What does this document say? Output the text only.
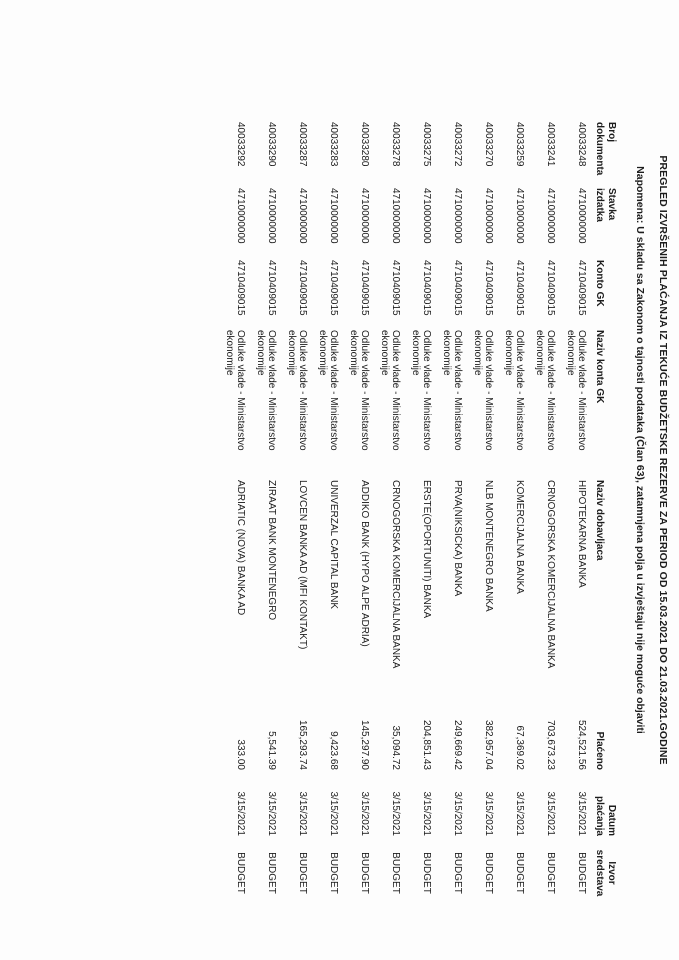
PREGLED IZVRŠENIH PLAĆANJA IZ TEKUĆE BUDŽETSKE REZERVE ZA PERIOD OD 15.03.2021 DO 21.03.2021.GODINE
Napomena: U skladu sa Zakonom o tajnosti podataka (Član 63), zatamnjena polja u izvještaju nije moguće objaviti
Broj dokumenta	Stavka izdatka	Konto GK	Naziv konta GK	Naziv dobavljaca	Plaćeno	Datum plaćanja	Izvor sredstava
40033248	4710000000	4710409015	Odluke vlade - Ministarstvo ekonomije	HIPOTEKARNA BANKA	524,521.56	3/15/2021	BUDGET
40033241	4710000000	4710409015	Odluke vlade - Ministarstvo ekonomije	CRNOGORSKA KOMERCIJALNA BANKA	703,673.23	3/15/2021	BUDGET
40033259	4710000000	4710409015	Odluke vlade - Ministarstvo ekonomije	KOMERCIJALNA BANKA	67,369.02	3/15/2021	BUDGET
40033270	4710000000	4710409015	Odluke vlade - Ministarstvo ekonomije	NLB MONTENEGRO BANKA	382,957.04	3/15/2021	BUDGET
40033272	4710000000	4710409015	Odluke vlade - Ministarstvo ekonomije	PRVA(NIKSICKA) BANKA	249,669.42	3/15/2021	BUDGET
40033275	4710000000	4710409015	Odluke vlade - Ministarstvo ekonomije	ERSTE(OPORTUNITI) BANKA	204,851.43	3/15/2021	BUDGET
40033278	4710000000	4710409015	Odluke vlade - Ministarstvo ekonomije	CRNOGORSKA KOMERCIJALNA BANKA	35,094.72	3/15/2021	BUDGET
40033280	4710000000	4710409015	Odluke vlade - Ministarstvo ekonomije	ADDIKO BANK (HYPO ALPE ADRIA)	145,297.90	3/15/2021	BUDGET
40033283	4710000000	4710409015	Odluke vlade - Ministarstvo ekonomije	UNIVERZAL CAPITAL BANK	9,423.68	3/15/2021	BUDGET
40033287	4710000000	4710409015	Odluke vlade - Ministarstvo ekonomije	LOVCEN BANKA AD (MFI KONTAKT)	165,293.74	3/15/2021	BUDGET
40033290	4710000000	4710409015	Odluke vlade - Ministarstvo ekonomije	ZIRAAT BANK MONTENEGRO	5,541.39	3/15/2021	BUDGET
40033292	4710000000	4710409015	Odluke vlade - Ministarstvo ekonomije	ADRIATIC (NOVA) BANKA AD	333.00	3/15/2021	BUDGET
